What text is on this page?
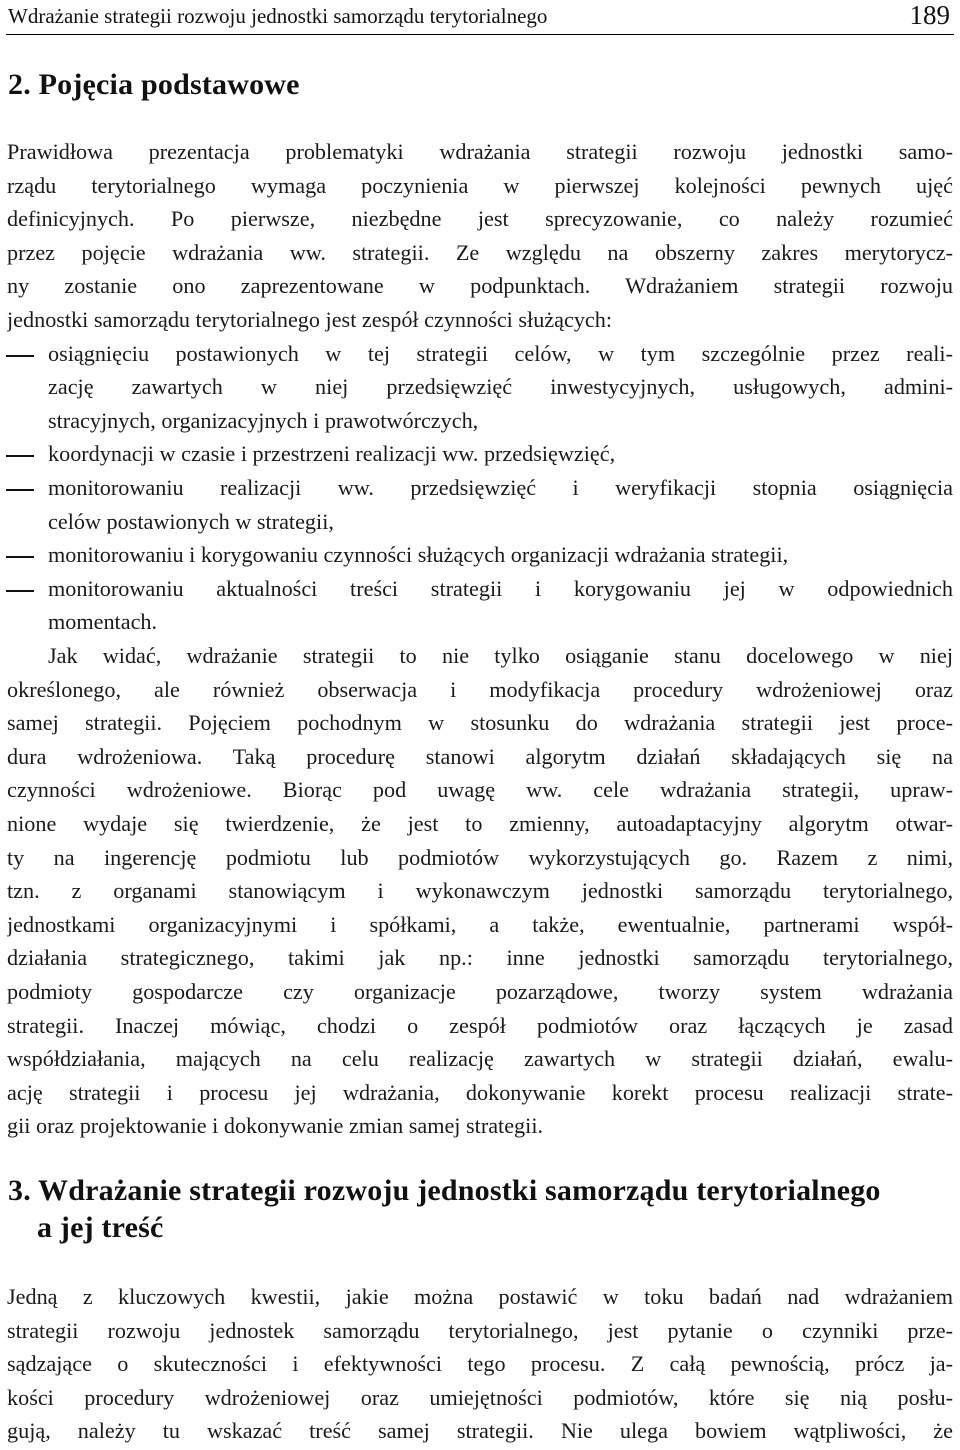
Wdrażanie strategii rozwoju jednostki samorządu terytorialnego	189
2. Pojęcia podstawowe
Prawidłowa prezentacja problematyki wdrażania strategii rozwoju jednostki samo-
rządu terytorialnego wymaga poczynienia w pierwszej kolejności pewnych ujęć
definicyjnych. Po pierwsze, niezbędne jest sprecyzowanie, co należy rozumieć
przez pojęcie wdrażania ww. strategii. Ze względu na obszerny zakres merytorycz-
ny zostanie ono zaprezentowane w podpunktach. Wdrażaniem strategii rozwoju
jednostki samorządu terytorialnego jest zespół czynności służących:
osiągnięciu postawionych w tej strategii celów, w tym szczególnie przez reali-
zację zawartych w niej przedsięwzięć inwestycyjnych, usługowych, admini-
stracyjnych, organizacyjnych i prawotwórczych,
koordynacji w czasie i przestrzeni realizacji ww. przedsięwzięć,
monitorowaniu realizacji ww. przedsięwzięć i weryfikacji stopnia osiągnięcia
celów postawionych w strategii,
monitorowaniu i korygowaniu czynności służących organizacji wdrażania strategii,
monitorowaniu aktualności treści strategii i korygowaniu jej w odpowiednich
momentach.
Jak widać, wdrażanie strategii to nie tylko osiąganie stanu docelowego w niej
określonego, ale również obserwacja i modyfikacja procedury wdrożeniowej oraz
samej strategii. Pojęciem pochodnym w stosunku do wdrażania strategii jest proce-
dura wdrożeniowa. Taką procedurę stanowi algorytm działań składających się na
czynności wdrożeniowe. Biorąc pod uwagę ww. cele wdrażania strategii, upraw-
nione wydaje się twierdzenie, że jest to zmienny, autoadaptacyjny algorytm otwar-
ty na ingerencję podmiotu lub podmiotów wykorzystujących go. Razem z nimi,
tzn. z organami stanowiącym i wykonawczym jednostki samorządu terytorialnego,
jednostkami organizacyjnymi i spółkami, a także, ewentualnie, partnerami współ-
działania strategicznego, takimi jak np.: inne jednostki samorządu terytorialnego,
podmioty gospodarcze czy organizacje pozarządowe, tworzy system wdrażania
strategii. Inaczej mówiąc, chodzi o zespół podmiotów oraz łączących je zasad
współdziałania, mających na celu realizację zawartych w strategii działań, ewalu-
ację strategii i procesu jej wdrażania, dokonywanie korekt procesu realizacji strate-
gii oraz projektowanie i dokonywanie zmian samej strategii.
Jedną z kluczowych kwestii, jakie można postawić w toku badań nad wdrażaniem
strategii rozwoju jednostek samorządu terytorialnego, jest pytanie o czynniki prze-
sądzające o skuteczności i efektywności tego procesu. Z całą pewnością, prócz ja-
kości procedury wdrożeniowej oraz umiejętności podmiotów, które się nią posłu-
gują, należy tu wskazać treść samej strategii. Nie ulega bowiem wątpliwości, że
3. Wdrażanie strategii rozwoju jednostki samorządu terytorialnego
a jej treść
